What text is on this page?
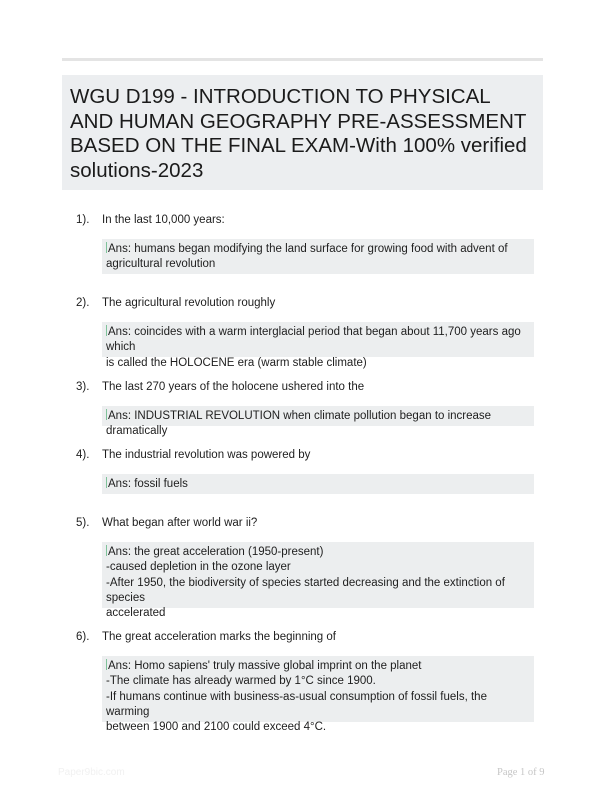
WGU D199 - INTRODUCTION TO PHYSICAL AND HUMAN GEOGRAPHY PRE-ASSESSMENT BASED ON THE FINAL EXAM-With 100% verified solutions-2023
1). In the last 10,000 years:
Ans: humans began modifying the land surface for growing food with advent of
agricultural revolution
2). The agricultural revolution roughly
Ans: coincides with a warm interglacial period that began about 11,700 years ago which
is called the HOLOCENE era (warm stable climate)
3). The last 270 years of the holocene ushered into the
Ans: INDUSTRIAL REVOLUTION when climate pollution began to increase dramatically
4). The industrial revolution was powered by
Ans: fossil fuels
5). What began after world war ii?
Ans: the great acceleration (1950-present)
-caused depletion in the ozone layer
-After 1950, the biodiversity of species started decreasing and the extinction of species
accelerated
6). The great acceleration marks the beginning of
Ans: Homo sapiens' truly massive global imprint on the planet
-The climate has already warmed by 1°C since 1900.
-If humans continue with business-as-usual consumption of fossil fuels, the warming
between 1900 and 2100 could exceed 4°C.
Paper9bic.com	Page 1 of 9
